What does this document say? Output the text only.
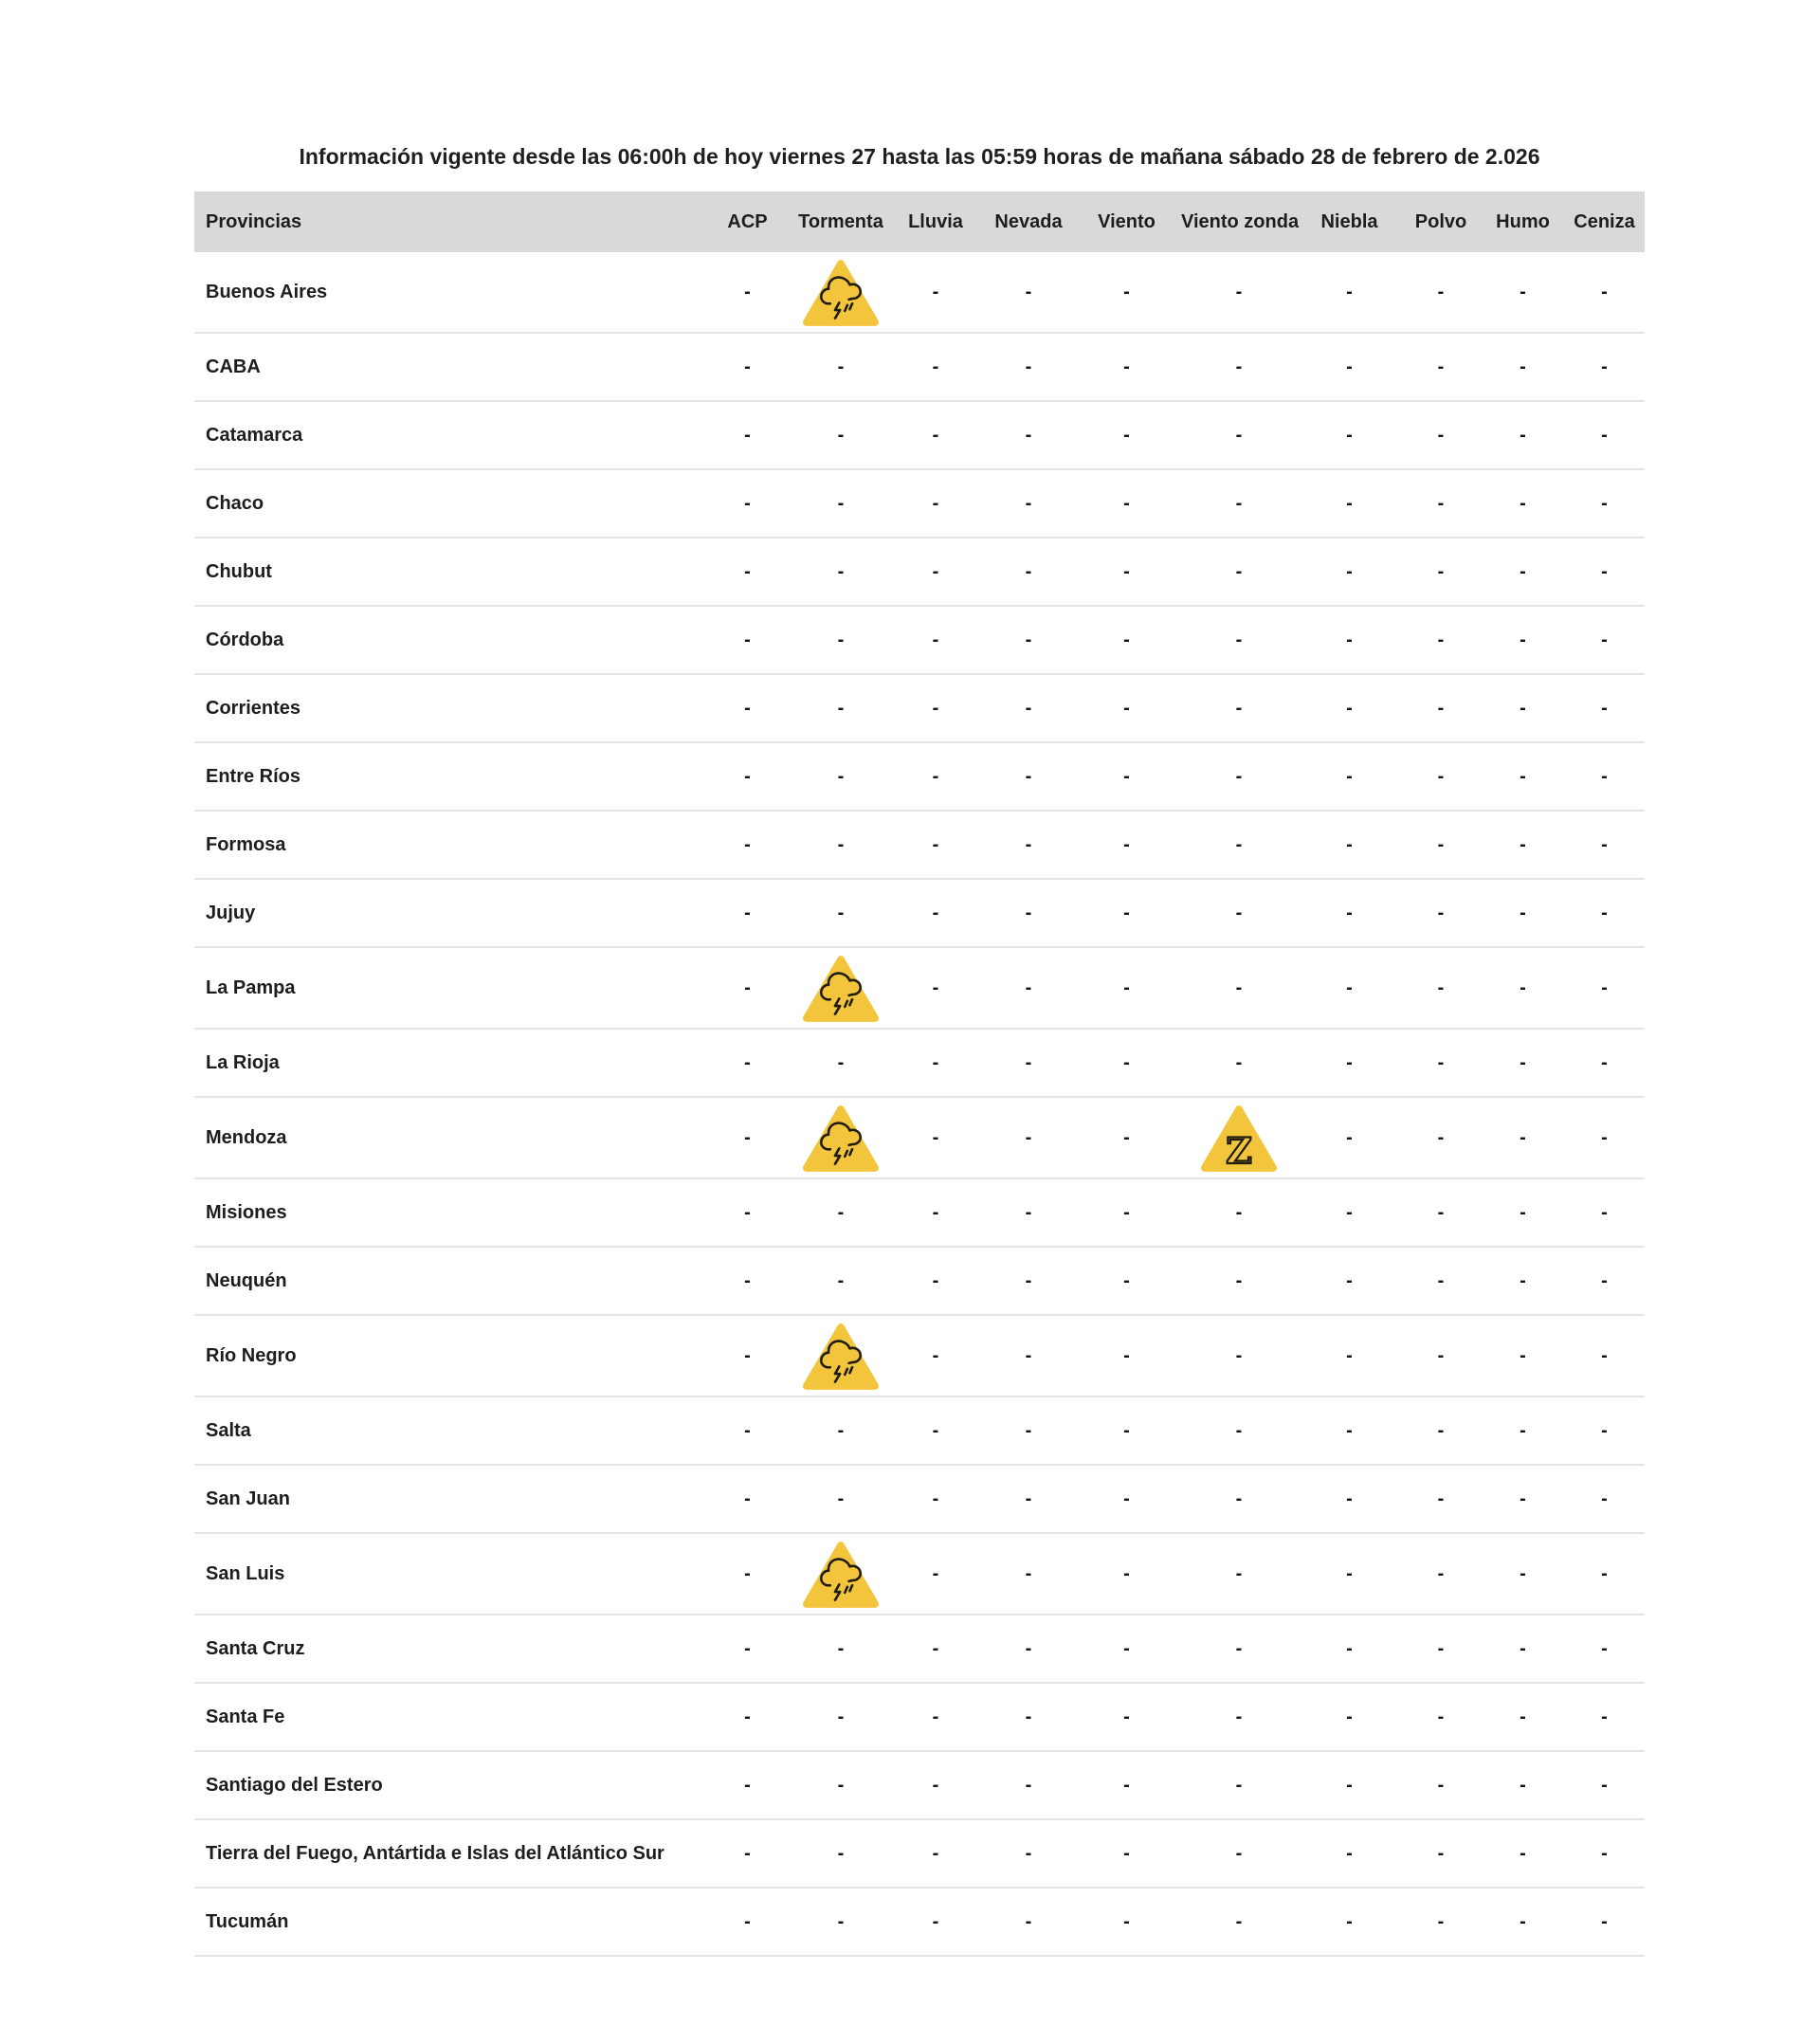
Información vigente desde las 06:00h de hoy viernes 27 hasta las 05:59 horas de mañana sábado 28 de febrero de 2.026

Provincias	ACP	Tormenta	Lluvia	Nevada	Viento	Viento zonda	Niebla	Polvo	Humo	Ceniza
Buenos Aires	-		-	-	-	-	-	-	-	-
CABA	-	-	-	-	-	-	-	-	-	-
Catamarca	-	-	-	-	-	-	-	-	-	-
Chaco	-	-	-	-	-	-	-	-	-	-
Chubut	-	-	-	-	-	-	-	-	-	-
Córdoba	-	-	-	-	-	-	-	-	-	-
Corrientes	-	-	-	-	-	-	-	-	-	-
Entre Ríos	-	-	-	-	-	-	-	-	-	-
Formosa	-	-	-	-	-	-	-	-	-	-
Jujuy	-	-	-	-	-	-	-	-	-	-
La Pampa	-		-	-	-	-	-	-	-	-
La Rioja	-	-	-	-	-	-	-	-	-	-
Mendoza	-		-	-	-	Z	-	-	-	-
Misiones	-	-	-	-	-	-	-	-	-	-
Neuquén	-	-	-	-	-	-	-	-	-	-
Río Negro	-		-	-	-	-	-	-	-	-
Salta	-	-	-	-	-	-	-	-	-	-
San Juan	-	-	-	-	-	-	-	-	-	-
San Luis	-		-	-	-	-	-	-	-	-
Santa Cruz	-	-	-	-	-	-	-	-	-	-
Santa Fe	-	-	-	-	-	-	-	-	-	-
Santiago del Estero	-	-	-	-	-	-	-	-	-	-
Tierra del Fuego, Antártida e Islas del Atlántico Sur	-	-	-	-	-	-	-	-	-	-
Tucumán	-	-	-	-	-	-	-	-	-	-
